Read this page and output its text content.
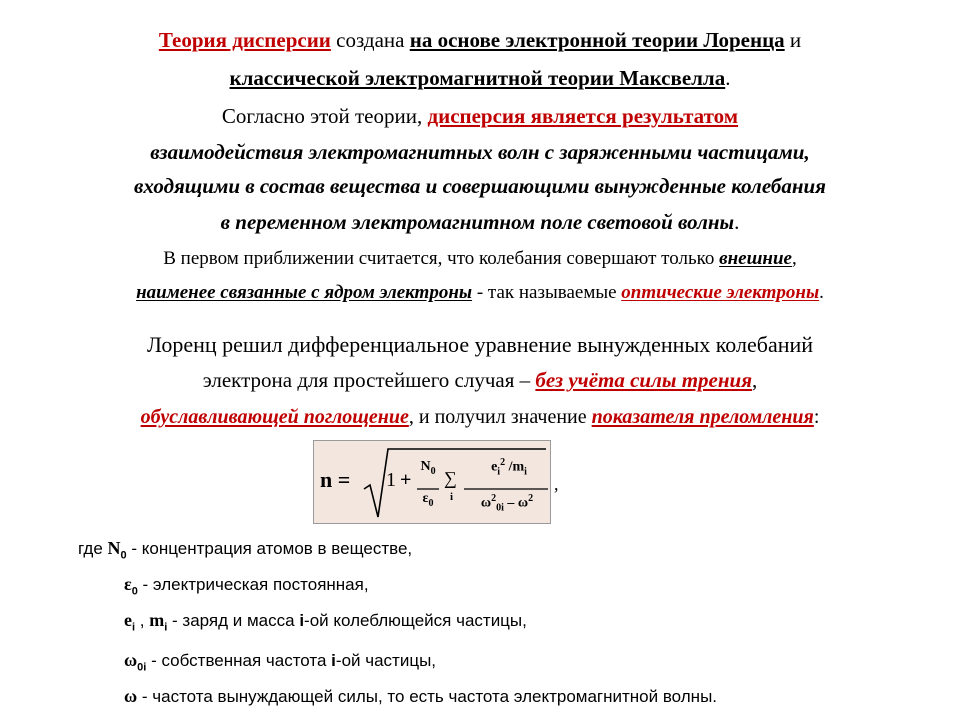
Теория дисперсии создана на основе электронной теории Лоренца и
классической электромагнитной теории Максвелла.
Согласно этой теории, дисперсия является результатом
взаимодействия электромагнитных волн с заряженными частицами,
входящими в состав вещества и совершающими вынужденные колебания
в переменном электромагнитном поле световой волны.
В первом приближении считается, что колебания совершают только внешние,
наименее связанные с ядром электроны - так называемые оптические электроны.
Лоренц решил дифференциальное уравнение вынужденных колебаний
электрона для простейшего случая – без учёта силы трения,
обуславливающей поглощение, и получил значение показателя преломления:
n = 1 +
$N_0$
$\varepsilon_0$
∑
i
$e_i^2$ $/m_i$
$\omega^2_{0i} - \omega^2$
,
где $N_0$ - концентрация атомов в веществе,
$\varepsilon_0$ - электрическая постоянная,
$e_i$ , $m_i$ - заряд и масса i-ой колеблющейся частицы,
$\omega_{0i}$ - собственная частота i-ой частицы,
ω - частота вынуждающей силы, то есть частота электромагнитной волны.
